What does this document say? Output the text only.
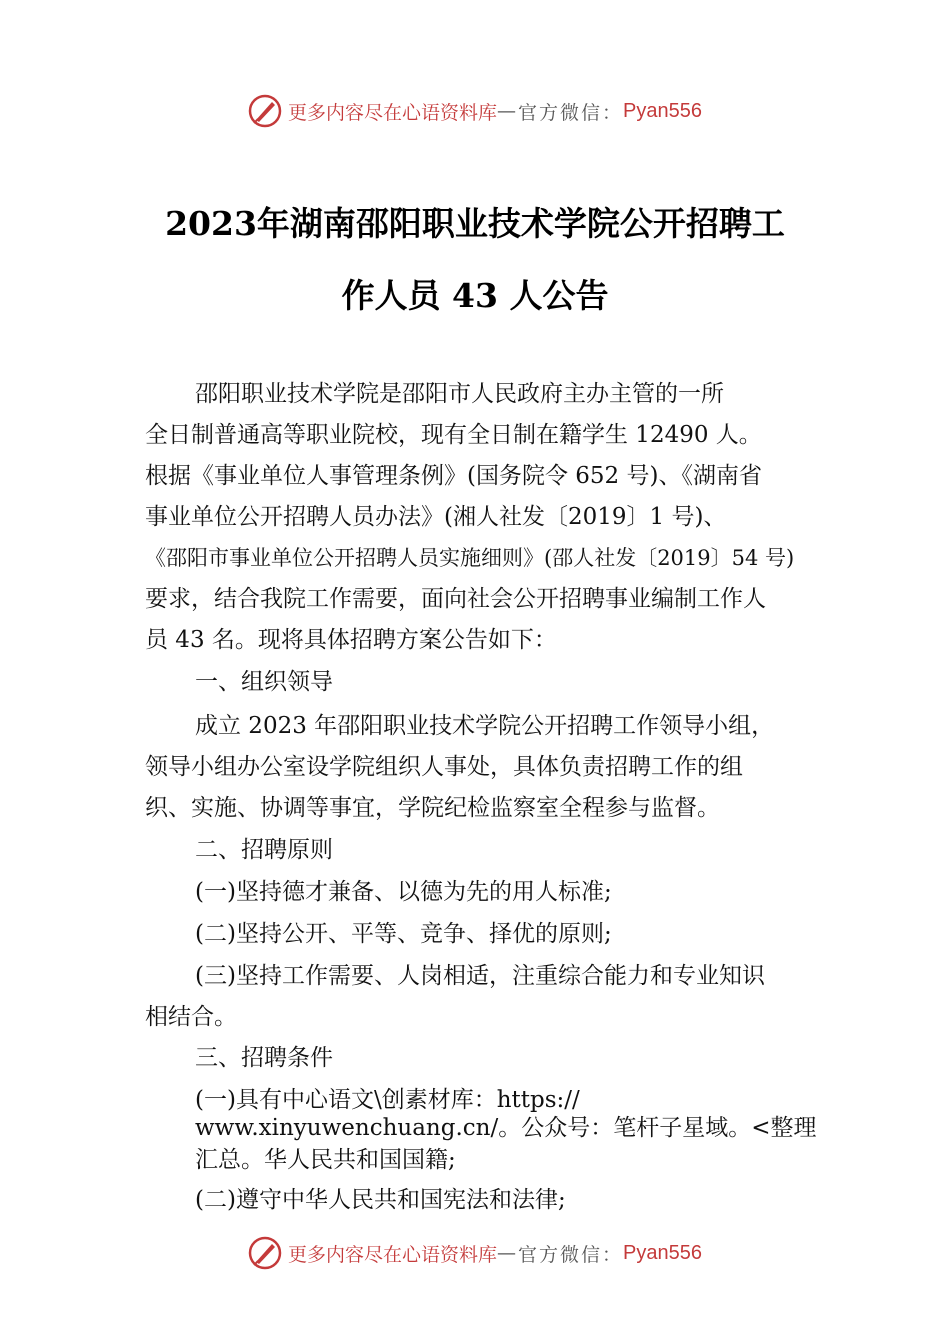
更多内容尽在心语资料库 — 官方微信： Pyan556
2023年湖南邵阳职业技术学院公开招聘工
作人员 43 人公告
邵阳职业技术学院是邵阳市人民政府主办主管的一所
全日制普通高等职业院校，现有全日制在籍学生 12490 人。
根据《事业单位人事管理条例》(国务院令 652 号)、《湖南省
事业单位公开招聘人员办法》(湘人社发〔2019〕1 号)、
《邵阳市事业单位公开招聘人员实施细则》(邵人社发〔2019〕54 号)
要求，结合我院工作需要，面向社会公开招聘事业编制工作人
员 43 名。现将具体招聘方案公告如下：
一、组织领导
成立 2023 年邵阳职业技术学院公开招聘工作领导小组，
领导小组办公室设学院组织人事处，具体负责招聘工作的组
织、实施、协调等事宜，学院纪检监察室全程参与监督。
二、招聘原则
(一)坚持德才兼备、以德为先的用人标准;
(二)坚持公开、平等、竞争、择优的原则;
(三)坚持工作需要、人岗相适，注重综合能力和专业知识
相结合。
三、招聘条件
(一)具有中心语文\创素材库：https://
www.xinyuwenchuang.cn/。公众号：笔杆子星域。<整理
汇总。华人民共和国国籍;
(二)遵守中华人民共和国宪法和法律;
更多内容尽在心语资料库 — 官方微信： Pyan556
